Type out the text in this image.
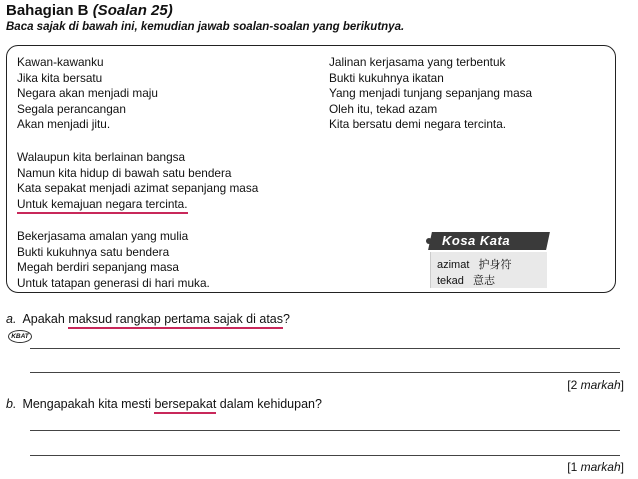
Bahagian B (Soalan 25)
Baca sajak di bawah ini, kemudian jawab soalan-soalan yang berikutnya.
Kawan-kawanku
Jika kita bersatu
Negara akan menjadi maju
Segala perancangan
Akan menjadi jitu.
Jalinan kerjasama yang terbentuk
Bukti kukuhnya ikatan
Yang menjadi tunjang sepanjang masa
Oleh itu, tekad azam
Kita bersatu demi negara tercinta.
Walaupun kita berlainan bangsa
Namun kita hidup di bawah satu bendera
Kata sepakat menjadi azimat sepanjang masa
Untuk kemajuan negara tercinta.
Bekerjasama amalan yang mulia
Bukti kukuhnya satu bendera
Megah berdiri sepanjang masa
Untuk tatapan generasi di hari muka.
Kosa Kata
azimat 护身符
tekad 意志
a. Apakah maksud rangkap pertama sajak di atas?
KBAT
[2 markah]
b. Mengapakah kita mesti bersepakat dalam kehidupan?
[1 markah]
